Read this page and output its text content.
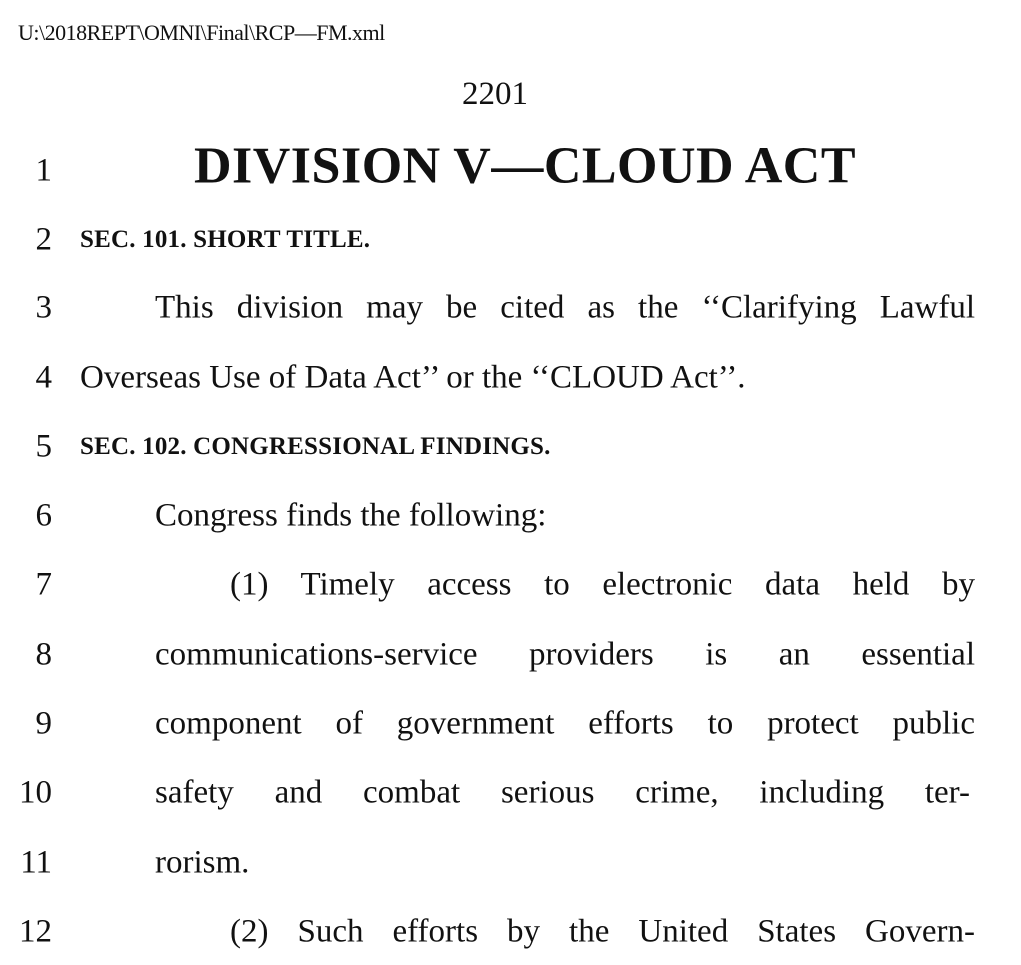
U:\2018REPT\OMNI\Final\RCP—FM.xml
2201
1	DIVISION V—CLOUD ACT
2 SEC. 101. SHORT TITLE.
3	This division may be cited as the ‘‘Clarifying Lawful
4 Overseas Use of Data Act’’ or the ‘‘CLOUD Act’’.
5 SEC. 102. CONGRESSIONAL FINDINGS.
6	Congress finds the following:
7	(1) Timely access to electronic data held by
8	communications-service providers is an essential
9	component of government efforts to protect public
10	safety and combat serious crime, including ter-
11	rorism.
12	(2) Such efforts by the United States Govern-
